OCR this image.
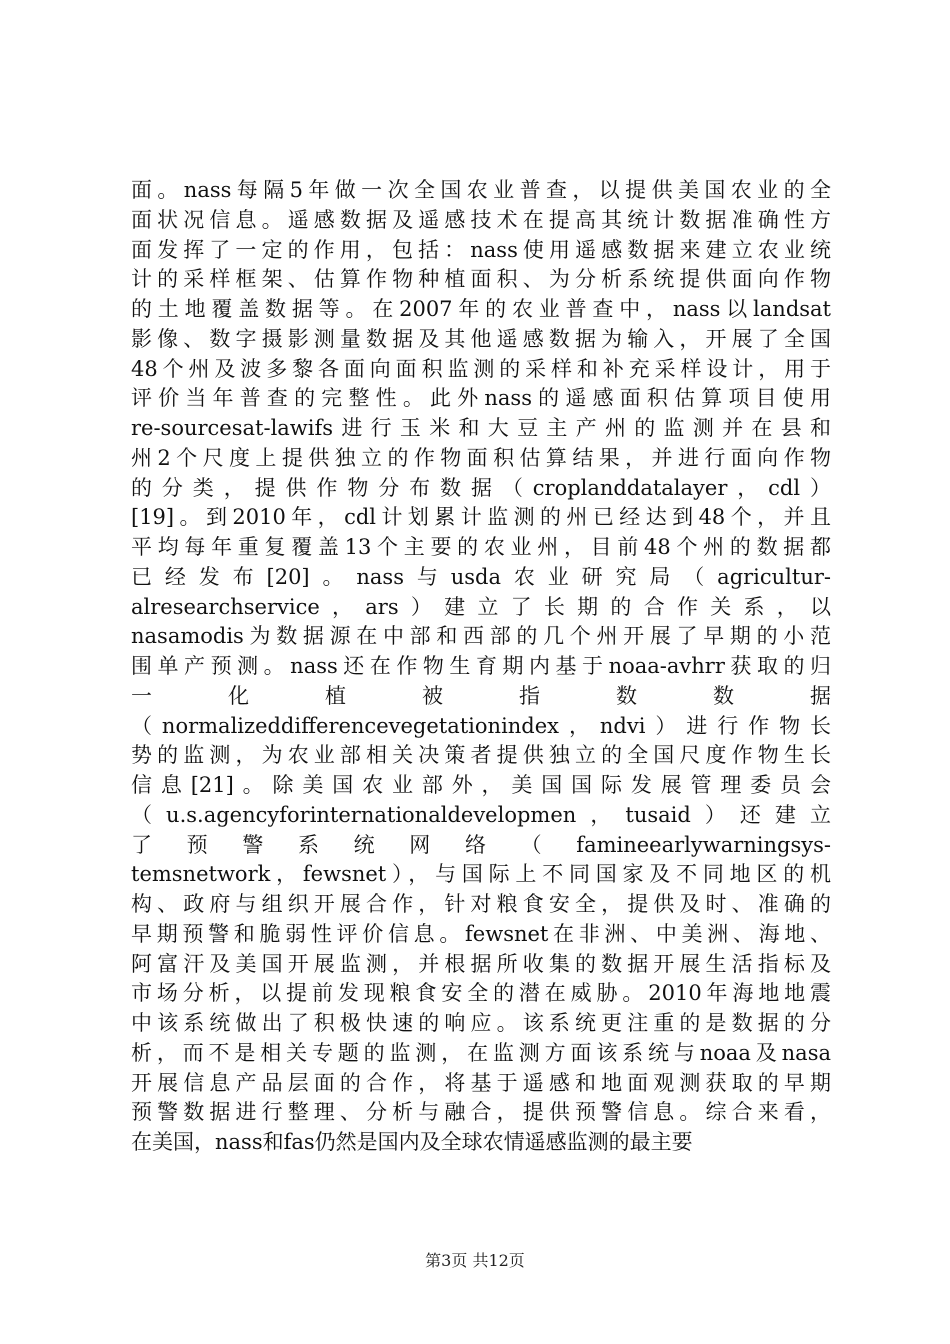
面。nass每隔5年做一次全国农业普查，以提供美国农业的全
面状况信息。遥感数据及遥感技术在提高其统计数据准确性方
面发挥了一定的作用，包括：nass使用遥感数据来建立农业统
计的采样框架、估算作物种植面积、为分析系统提供面向作物
的土地覆盖数据等。在2007年的农业普查中，nass以landsat
影像、数字摄影测量数据及其他遥感数据为输入，开展了全国
48个州及波多黎各面向面积监测的采样和补充采样设计，用于
评价当年普查的完整性。此外nass的遥感面积估算项目使用
re-sourcesat-lawifs进行玉米和大豆主产州的监测并在县和
州2个尺度上提供独立的作物面积估算结果，并进行面向作物
的分类，提供作物分布数据（croplanddatalayer，cdl）
[19]。到2010年，cdl计划累计监测的州已经达到48个，并且
平均每年重复覆盖13个主要的农业州，目前48个州的数据都
已经发布[20]。nass与usda农业研究局（agricultur-
alresearchservice，ars）建立了长期的合作关系，以
nasamodis为数据源在中部和西部的几个州开展了早期的小范
围单产预测。nass还在作物生育期内基于noaa-avhrr获取的归
一 化 植 被 指 数 数 据
（normalizeddifferencevegetationindex，ndvi）进行作物长
势的监测，为农业部相关决策者提供独立的全国尺度作物生长
信息[21]。除美国农业部外，美国国际发展管理委员会
（u.s.agencyforinternationaldevelopmen，tusaid）还建立
了 预 警 系 统 网 络 （ famineearlywarningsys-
temsnetwork，fewsnet），与国际上不同国家及不同地区的机
构、政府与组织开展合作，针对粮食安全，提供及时、准确的
早期预警和脆弱性评价信息。fewsnet在非洲、中美洲、海地、
阿富汗及美国开展监测，并根据所收集的数据开展生活指标及
市场分析，以提前发现粮食安全的潜在威胁。2010年海地地震
中该系统做出了积极快速的响应。该系统更注重的是数据的分
析，而不是相关专题的监测，在监测方面该系统与noaa及nasa
开展信息产品层面的合作，将基于遥感和地面观测获取的早期
预警数据进行整理、分析与融合，提供预警信息。综合来看，
在美国，nass和fas仍然是国内及全球农情遥感监测的最主要
第3页 共12页
